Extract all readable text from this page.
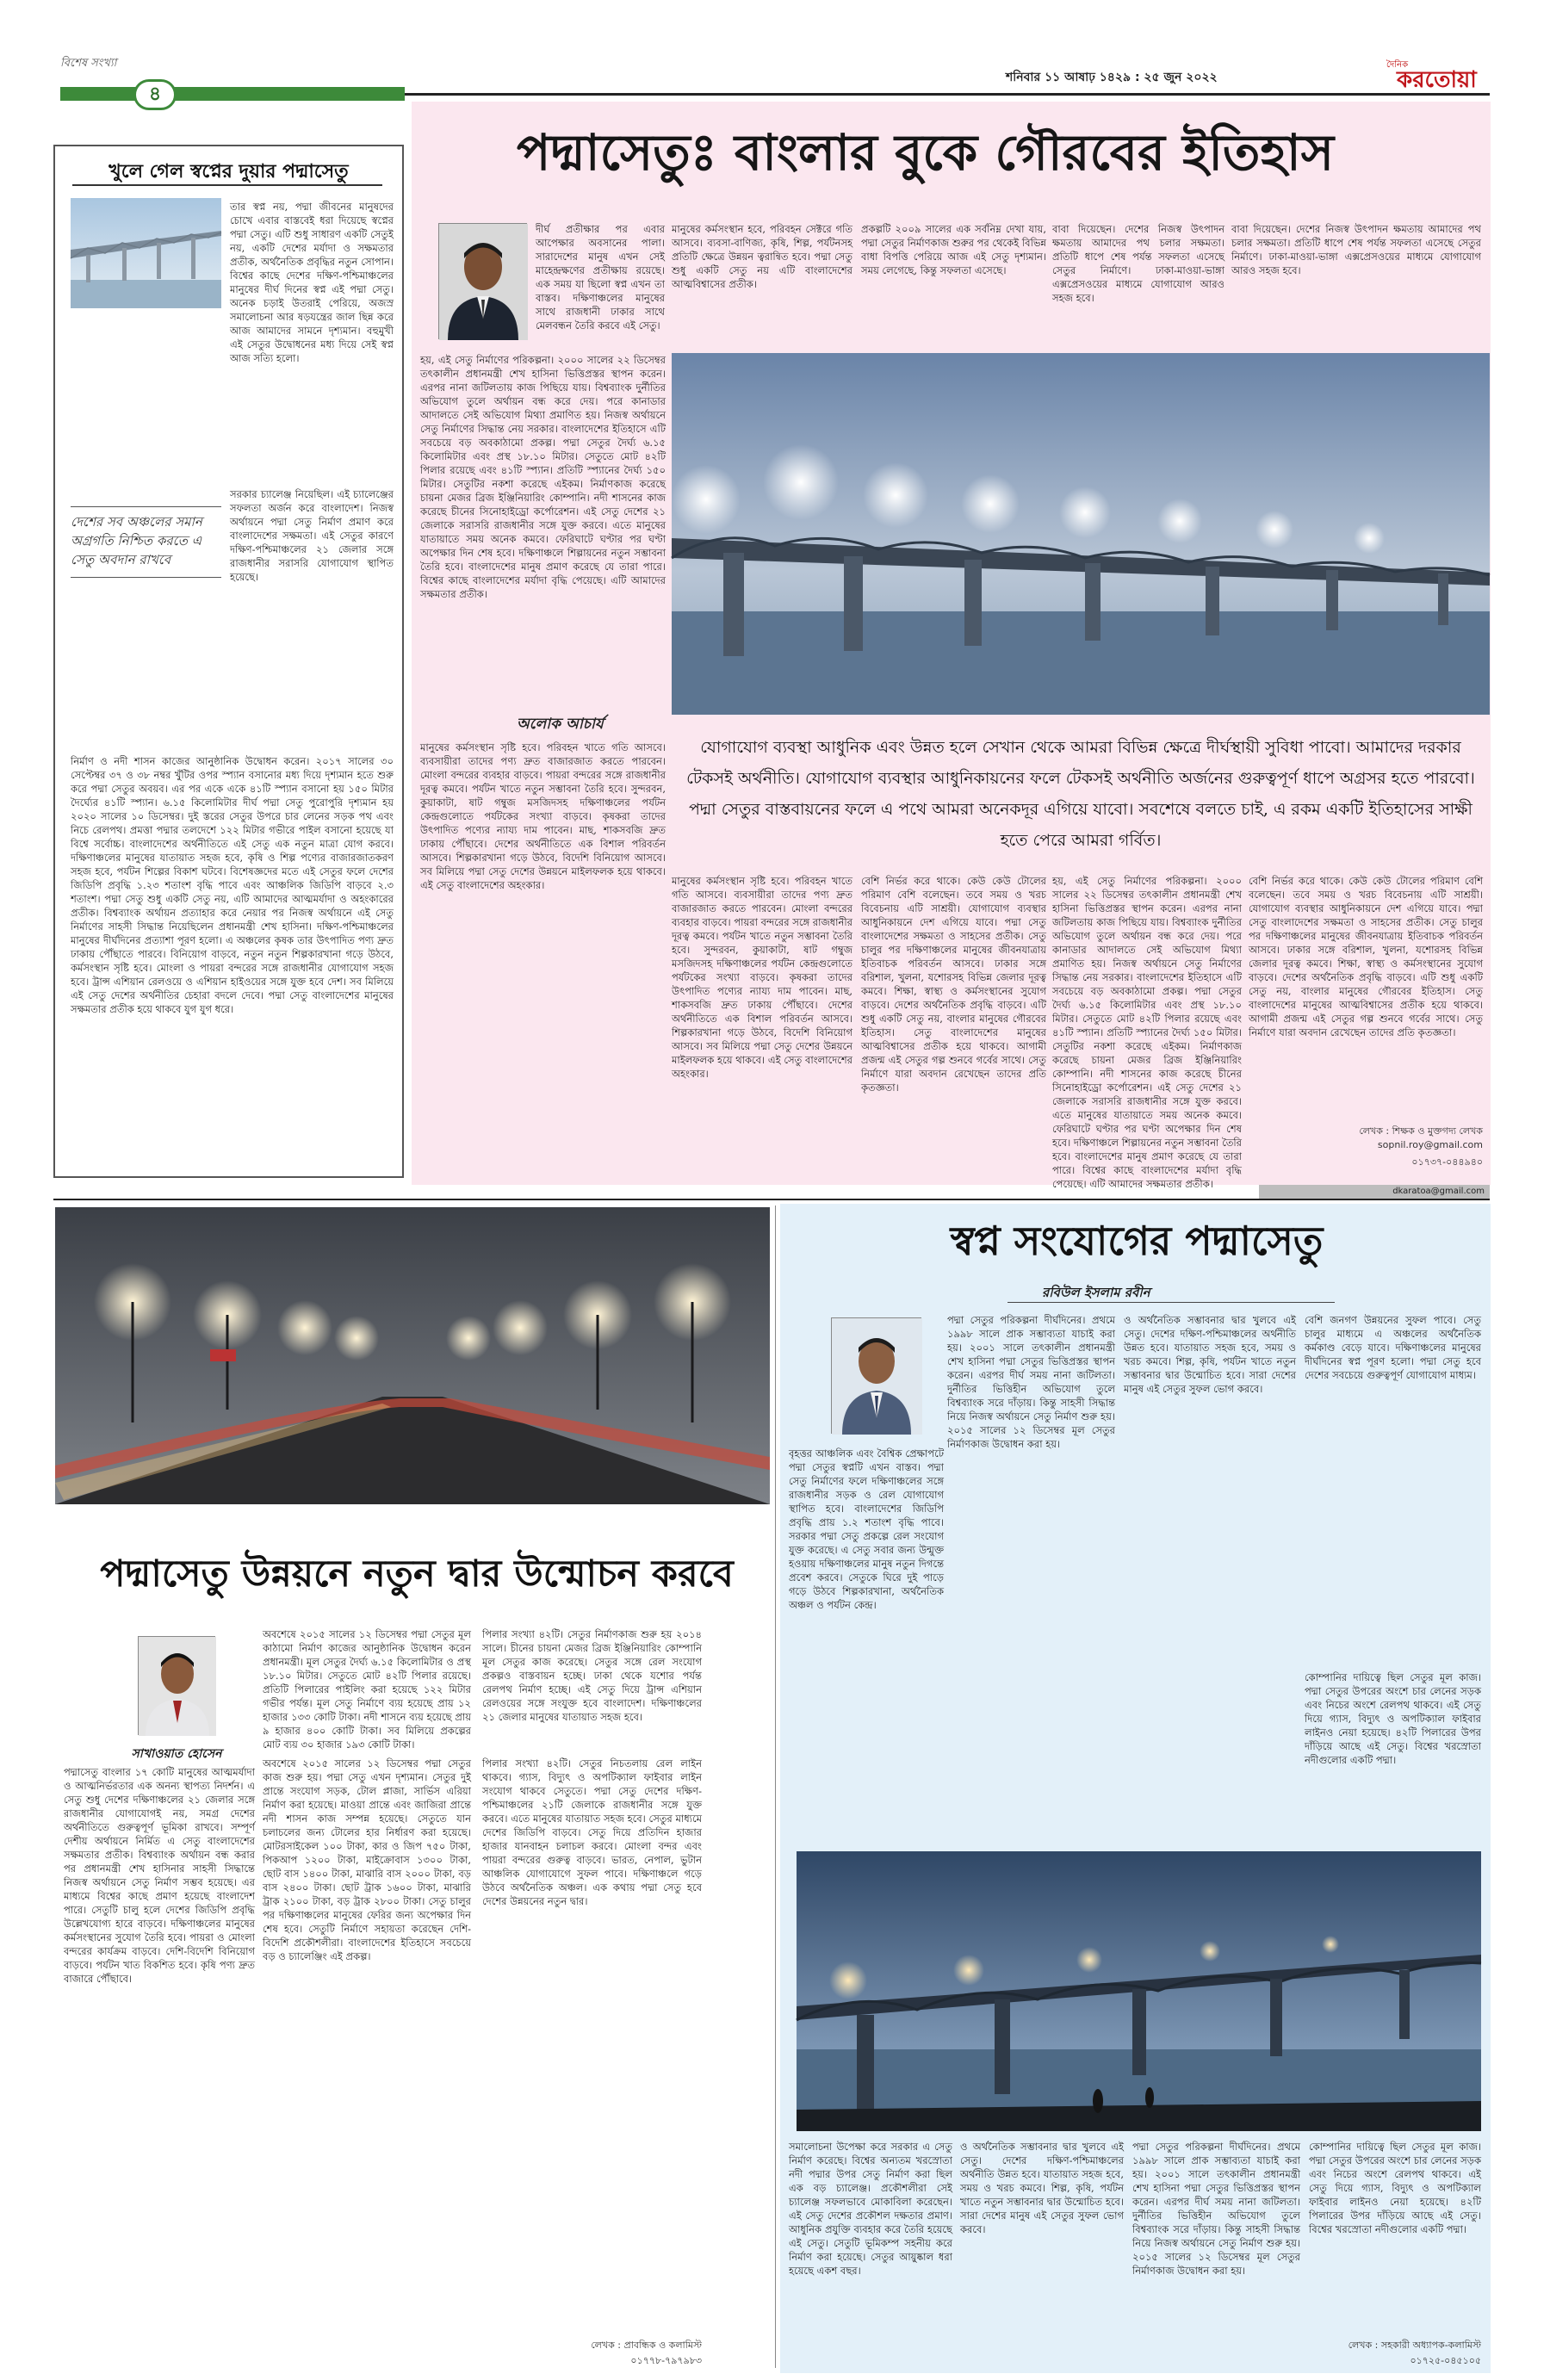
বিশেষ সংখ্যা
শনিবার ১১ আষাঢ় ১৪২৯ : ২৫ জুন ২০২২
দৈনিক
করতোয়া
৪
খুলে গেল স্বপ্নের দুয়ার পদ্মাসেতু
তার স্বপ্ন নয়, পদ্মা জীবনের মানুষদের চোখে এবার বাস্তবেই ধরা দিয়েছে স্বপ্নের পদ্মা সেতু। এটি শুধু সাধারণ একটি সেতুই নয়, একটি দেশের মর্যাদা ও সক্ষমতার প্রতীক, অর্থনৈতিক প্রবৃদ্ধির নতুন সোপান। বিশ্বের কাছে দেশের দক্ষিণ-পশ্চিমাঞ্চলের মানুষের দীর্ঘ দিনের স্বপ্ন এই পদ্মা সেতু। অনেক চড়াই উতরাই পেরিয়ে, অজস্র সমালোচনা আর ষড়যন্ত্রের জাল ছিন্ন করে আজ আমাদের সামনে দৃশ্যমান। বহুমুখী এই সেতুর উদ্বোধনের মধ্য দিয়ে সেই স্বপ্ন আজ সত্যি হলো।
সরকার চ্যালেঞ্জ নিয়েছিল। এই চ্যালেঞ্জের সফলতা অর্জন করে বাংলাদেশ। নিজস্ব অর্থায়নে পদ্মা সেতু নির্মাণ প্রমাণ করে বাংলাদেশের সক্ষমতা। এই সেতুর কারণে দক্ষিণ-পশ্চিমাঞ্চলের ২১ জেলার সঙ্গে রাজধানীর সরাসরি যোগাযোগ স্থাপিত হয়েছে।
দেশের সব অঞ্চলের সমান অগ্রগতি নিশ্চিত করতে এ সেতু অবদান রাখবে
নির্মাণ ও নদী শাসন কাজের আনুষ্ঠানিক উদ্বোধন করেন। ২০১৭ সালের ৩০ সেপ্টেম্বর ৩৭ ও ৩৮ নম্বর খুঁটির ওপর স্প্যান বসানোর মধ্য দিয়ে দৃশ্যমান হতে শুরু করে পদ্মা সেতুর অবয়ব। এর পর একে একে ৪১টি স্প্যান বসানো হয় ১৫০ মিটার দৈর্ঘ্যের ৪১টি স্প্যান। ৬.১৫ কিলোমিটার দীর্ঘ পদ্মা সেতু পুরোপুরি দৃশ্যমান হয় ২০২০ সালের ১০ ডিসেম্বর। দুই স্তরের সেতুর উপরে চার লেনের সড়ক পথ এবং নিচে রেলপথ। প্রমত্তা পদ্মার তলদেশে ১২২ মিটার গভীরে পাইল বসানো হয়েছে যা বিশ্বে সর্বোচ্চ। বাংলাদেশের অর্থনীতিতে এই সেতু এক নতুন মাত্রা যোগ করবে। দক্ষিণাঞ্চলের মানুষের যাতায়াত সহজ হবে, কৃষি ও শিল্প পণ্যের বাজারজাতকরণ সহজ হবে, পর্যটন শিল্পের বিকাশ ঘটবে। বিশেষজ্ঞদের মতে এই সেতুর ফলে দেশের জিডিপি প্রবৃদ্ধি ১.২৩ শতাংশ বৃদ্ধি পাবে এবং আঞ্চলিক জিডিপি বাড়বে ২.৩ শতাংশ। পদ্মা সেতু শুধু একটি সেতু নয়, এটি আমাদের আত্মমর্যাদা ও অহংকারের প্রতীক। বিশ্বব্যাংক অর্থায়ন প্রত্যাহার করে নেয়ার পর নিজস্ব অর্থায়নে এই সেতু নির্মাণের সাহসী সিদ্ধান্ত নিয়েছিলেন প্রধানমন্ত্রী শেখ হাসিনা। দক্ষিণ-পশ্চিমাঞ্চলের মানুষের দীর্ঘদিনের প্রত্যাশা পূরণ হলো। এ অঞ্চলের কৃষক তার উৎপাদিত পণ্য দ্রুত ঢাকায় পৌঁছাতে পারবে। বিনিয়োগ বাড়বে, নতুন নতুন শিল্পকারখানা গড়ে উঠবে, কর্মসংস্থান সৃষ্টি হবে। মোংলা ও পায়রা বন্দরের সঙ্গে রাজধানীর যোগাযোগ সহজ হবে। ট্রান্স এশিয়ান রেলওয়ে ও এশিয়ান হাইওয়ের সঙ্গে যুক্ত হবে দেশ। সব মিলিয়ে এই সেতু দেশের অর্থনীতির চেহারা বদলে দেবে। পদ্মা সেতু বাংলাদেশের মানুষের সক্ষমতার প্রতীক হয়ে থাকবে যুগ যুগ ধরে।
পদ্মাসেতুঃ বাংলার বুকে গৌরবের ইতিহাস
দীর্ঘ প্রতীক্ষার পর এবার আপেক্ষার অবসানের পালা। সারাদেশের মানুষ এখন সেই মাহেন্দ্রক্ষণের প্রতীক্ষায় রয়েছে। এক সময় যা ছিলো স্বপ্ন এখন তা বাস্তব। দক্ষিণাঞ্চলের মানুষের সাথে রাজধানী ঢাকার সাথে মেলবন্ধন তৈরি করবে এই সেতু।
মানুষের কর্মসংস্থান হবে, পরিবহন সেক্টরে গতি আসবে। ব্যবসা-বাণিজ্য, কৃষি, শিল্প, পর্যটনসহ প্রতিটি ক্ষেত্রে উন্নয়ন ত্বরান্বিত হবে। পদ্মা সেতু শুধু একটি সেতু নয় এটি বাংলাদেশের আত্মবিশ্বাসের প্রতীক।
প্রকল্পটি ২০০৯ সালের এক সর্বনিম্ন দেখা যায়, পদ্মা সেতুর নির্মাণকাজ শুরুর পর থেকেই বিভিন্ন বাধা বিপত্তি পেরিয়ে আজ এই সেতু দৃশ্যমান। সময় লেগেছে, কিন্তু সফলতা এসেছে।
বাবা দিয়েছেন। দেশের নিজস্ব উৎপাদন ক্ষমতায় আমাদের পথ চলার সক্ষমতা। প্রতিটি ধাপে শেষ পর্যন্ত সফলতা এসেছে সেতুর নির্মাণে। ঢাকা-মাওয়া-ভাঙ্গা এক্সপ্রেসওয়ের মাধ্যমে যোগাযোগ আরও সহজ হবে।
বাবা দিয়েছেন। দেশের নিজস্ব উৎপাদন ক্ষমতায় আমাদের পথ চলার সক্ষমতা। প্রতিটি ধাপে শেষ পর্যন্ত সফলতা এসেছে সেতুর নির্মাণে। ঢাকা-মাওয়া-ভাঙ্গা এক্সপ্রেসওয়ের মাধ্যমে যোগাযোগ আরও সহজ হবে।
অলোক আচার্য
হয়, এই সেতু নির্মাণের পরিকল্পনা। ২০০০ সালের ২২ ডিসেম্বর তৎকালীন প্রধানমন্ত্রী শেখ হাসিনা ভিত্তিপ্রস্তর স্থাপন করেন। এরপর নানা জটিলতায় কাজ পিছিয়ে যায়। বিশ্বব্যাংক দুর্নীতির অভিযোগ তুলে অর্থায়ন বন্ধ করে দেয়। পরে কানাডার আদালতে সেই অভিযোগ মিথ্যা প্রমাণিত হয়। নিজস্ব অর্থায়নে সেতু নির্মাণের সিদ্ধান্ত নেয় সরকার। বাংলাদেশের ইতিহাসে এটি সবচেয়ে বড় অবকাঠামো প্রকল্প। পদ্মা সেতুর দৈর্ঘ্য ৬.১৫ কিলোমিটার এবং প্রস্থ ১৮.১০ মিটার। সেতুতে মোট ৪২টি পিলার রয়েছে এবং ৪১টি স্প্যান। প্রতিটি স্প্যানের দৈর্ঘ্য ১৫০ মিটার। সেতুটির নকশা করেছে এইকম। নির্মাণকাজ করেছে চায়না মেজর ব্রিজ ইঞ্জিনিয়ারিং কোম্পানি। নদী শাসনের কাজ করেছে চীনের সিনোহাইড্রো কর্পোরেশন। এই সেতু দেশের ২১ জেলাকে সরাসরি রাজধানীর সঙ্গে যুক্ত করবে। এতে মানুষের যাতায়াতে সময় অনেক কমবে। ফেরিঘাটে ঘণ্টার পর ঘণ্টা অপেক্ষার দিন শেষ হবে। দক্ষিণাঞ্চলে শিল্পায়নের নতুন সম্ভাবনা তৈরি হবে। বাংলাদেশের মানুষ প্রমাণ করেছে যে তারা পারে। বিশ্বের কাছে বাংলাদেশের মর্যাদা বৃদ্ধি পেয়েছে। এটি আমাদের সক্ষমতার প্রতীক।
মানুষের কর্মসংস্থান সৃষ্টি হবে। পরিবহন খাতে গতি আসবে। ব্যবসায়ীরা তাদের পণ্য দ্রুত বাজারজাত করতে পারবেন। মোংলা বন্দরের ব্যবহার বাড়বে। পায়রা বন্দরের সঙ্গে রাজধানীর দূরত্ব কমবে। পর্যটন খাতে নতুন সম্ভাবনা তৈরি হবে। সুন্দরবন, কুয়াকাটা, ষাট গম্বুজ মসজিদসহ দক্ষিণাঞ্চলের পর্যটন কেন্দ্রগুলোতে পর্যটকের সংখ্যা বাড়বে। কৃষকরা তাদের উৎপাদিত পণ্যের ন্যায্য দাম পাবেন। মাছ, শাকসবজি দ্রুত ঢাকায় পৌঁছাবে। দেশের অর্থনীতিতে এক বিশাল পরিবর্তন আসবে। শিল্পকারখানা গড়ে উঠবে, বিদেশি বিনিয়োগ আসবে। সব মিলিয়ে পদ্মা সেতু দেশের উন্নয়নে মাইলফলক হয়ে থাকবে। এই সেতু বাংলাদেশের অহংকার।
যোগাযোগ ব্যবস্থা আধুনিক এবং উন্নত হলে সেখান থেকে আমরা বিভিন্ন ক্ষেত্রে দীর্ঘস্থায়ী সুবিধা পাবো। আমাদের দরকার টেকসই অর্থনীতি। যোগাযোগ ব্যবস্থার আধুনিকায়নের ফলে টেকসই অর্থনীতি অর্জনের গুরুত্বপূর্ণ ধাপে অগ্রসর হতে পারবো। পদ্মা সেতুর বাস্তবায়নের ফলে এ পথে আমরা অনেকদূর এগিয়ে যাবো। সবশেষে বলতে চাই, এ রকম একটি ইতিহাসের সাক্ষী হতে পেরে আমরা গর্বিত।
মানুষের কর্মসংস্থান সৃষ্টি হবে। পরিবহন খাতে গতি আসবে। ব্যবসায়ীরা তাদের পণ্য দ্রুত বাজারজাত করতে পারবেন। মোংলা বন্দরের ব্যবহার বাড়বে। পায়রা বন্দরের সঙ্গে রাজধানীর দূরত্ব কমবে। পর্যটন খাতে নতুন সম্ভাবনা তৈরি হবে। সুন্দরবন, কুয়াকাটা, ষাট গম্বুজ মসজিদসহ দক্ষিণাঞ্চলের পর্যটন কেন্দ্রগুলোতে পর্যটকের সংখ্যা বাড়বে। কৃষকরা তাদের উৎপাদিত পণ্যের ন্যায্য দাম পাবেন। মাছ, শাকসবজি দ্রুত ঢাকায় পৌঁছাবে। দেশের অর্থনীতিতে এক বিশাল পরিবর্তন আসবে। শিল্পকারখানা গড়ে উঠবে, বিদেশি বিনিয়োগ আসবে। সব মিলিয়ে পদ্মা সেতু দেশের উন্নয়নে মাইলফলক হয়ে থাকবে। এই সেতু বাংলাদেশের অহংকার।
বেশি নির্ভর করে থাকে। কেউ কেউ টোলের পরিমাণ বেশি বলেছেন। তবে সময় ও খরচ বিবেচনায় এটি সাশ্রয়ী। যোগাযোগ ব্যবস্থার আধুনিকায়নে দেশ এগিয়ে যাবে। পদ্মা সেতু বাংলাদেশের সক্ষমতা ও সাহসের প্রতীক। সেতু চালুর পর দক্ষিণাঞ্চলের মানুষের জীবনযাত্রায় ইতিবাচক পরিবর্তন আসবে। ঢাকার সঙ্গে বরিশাল, খুলনা, যশোরসহ বিভিন্ন জেলার দূরত্ব কমবে। শিক্ষা, স্বাস্থ্য ও কর্মসংস্থানের সুযোগ বাড়বে। দেশের অর্থনৈতিক প্রবৃদ্ধি বাড়বে। এটি শুধু একটি সেতু নয়, বাংলার মানুষের গৌরবের ইতিহাস। সেতু বাংলাদেশের মানুষের আত্মবিশ্বাসের প্রতীক হয়ে থাকবে। আগামী প্রজন্ম এই সেতুর গল্প শুনবে গর্বের সাথে। সেতু নির্মাণে যারা অবদান রেখেছেন তাদের প্রতি কৃতজ্ঞতা।
হয়, এই সেতু নির্মাণের পরিকল্পনা। ২০০০ সালের ২২ ডিসেম্বর তৎকালীন প্রধানমন্ত্রী শেখ হাসিনা ভিত্তিপ্রস্তর স্থাপন করেন। এরপর নানা জটিলতায় কাজ পিছিয়ে যায়। বিশ্বব্যাংক দুর্নীতির অভিযোগ তুলে অর্থায়ন বন্ধ করে দেয়। পরে কানাডার আদালতে সেই অভিযোগ মিথ্যা প্রমাণিত হয়। নিজস্ব অর্থায়নে সেতু নির্মাণের সিদ্ধান্ত নেয় সরকার। বাংলাদেশের ইতিহাসে এটি সবচেয়ে বড় অবকাঠামো প্রকল্প। পদ্মা সেতুর দৈর্ঘ্য ৬.১৫ কিলোমিটার এবং প্রস্থ ১৮.১০ মিটার। সেতুতে মোট ৪২টি পিলার রয়েছে এবং ৪১টি স্প্যান। প্রতিটি স্প্যানের দৈর্ঘ্য ১৫০ মিটার। সেতুটির নকশা করেছে এইকম। নির্মাণকাজ করেছে চায়না মেজর ব্রিজ ইঞ্জিনিয়ারিং কোম্পানি। নদী শাসনের কাজ করেছে চীনের সিনোহাইড্রো কর্পোরেশন। এই সেতু দেশের ২১ জেলাকে সরাসরি রাজধানীর সঙ্গে যুক্ত করবে। এতে মানুষের যাতায়াতে সময় অনেক কমবে। ফেরিঘাটে ঘণ্টার পর ঘণ্টা অপেক্ষার দিন শেষ হবে। দক্ষিণাঞ্চলে শিল্পায়নের নতুন সম্ভাবনা তৈরি হবে। বাংলাদেশের মানুষ প্রমাণ করেছে যে তারা পারে। বিশ্বের কাছে বাংলাদেশের মর্যাদা বৃদ্ধি পেয়েছে। এটি আমাদের সক্ষমতার প্রতীক।
বেশি নির্ভর করে থাকে। কেউ কেউ টোলের পরিমাণ বেশি বলেছেন। তবে সময় ও খরচ বিবেচনায় এটি সাশ্রয়ী। যোগাযোগ ব্যবস্থার আধুনিকায়নে দেশ এগিয়ে যাবে। পদ্মা সেতু বাংলাদেশের সক্ষমতা ও সাহসের প্রতীক। সেতু চালুর পর দক্ষিণাঞ্চলের মানুষের জীবনযাত্রায় ইতিবাচক পরিবর্তন আসবে। ঢাকার সঙ্গে বরিশাল, খুলনা, যশোরসহ বিভিন্ন জেলার দূরত্ব কমবে। শিক্ষা, স্বাস্থ্য ও কর্মসংস্থানের সুযোগ বাড়বে। দেশের অর্থনৈতিক প্রবৃদ্ধি বাড়বে। এটি শুধু একটি সেতু নয়, বাংলার মানুষের গৌরবের ইতিহাস। সেতু বাংলাদেশের মানুষের আত্মবিশ্বাসের প্রতীক হয়ে থাকবে। আগামী প্রজন্ম এই সেতুর গল্প শুনবে গর্বের সাথে। সেতু নির্মাণে যারা অবদান রেখেছেন তাদের প্রতি কৃতজ্ঞতা।
লেখক : শিক্ষক ও মুক্তগদ্য লেখক
sopnil.roy@gmail.com
০১৭৩৭-০৪৪৯৪০
dkaratoa@gmail.com
পদ্মাসেতু উন্নয়নে নতুন দ্বার উন্মোচন করবে
সাখাওয়াত হোসেন
অবশেষে ২০১৫ সালের ১২ ডিসেম্বর পদ্মা সেতুর মূল কাঠামো নির্মাণ কাজের আনুষ্ঠানিক উদ্বোধন করেন প্রধানমন্ত্রী। মূল সেতুর দৈর্ঘ্য ৬.১৫ কিলোমিটার ও প্রস্থ ১৮.১০ মিটার। সেতুতে মোট ৪২টি পিলার রয়েছে। প্রতিটি পিলারের পাইলিং করা হয়েছে ১২২ মিটার গভীর পর্যন্ত। মূল সেতু নির্মাণে ব্যয় হয়েছে প্রায় ১২ হাজার ১৩৩ কোটি টাকা। নদী শাসনে ব্যয় হয়েছে প্রায় ৯ হাজার ৪০০ কোটি টাকা। সব মিলিয়ে প্রকল্পের মোট ব্যয় ৩০ হাজার ১৯৩ কোটি টাকা।
পিলার সংখ্যা ৪২টি। সেতুর নির্মাণকাজ শুরু হয় ২০১৪ সালে। চীনের চায়না মেজর ব্রিজ ইঞ্জিনিয়ারিং কোম্পানি মূল সেতুর কাজ করেছে। সেতুর সঙ্গে রেল সংযোগ প্রকল্পও বাস্তবায়ন হচ্ছে। ঢাকা থেকে যশোর পর্যন্ত রেলপথ নির্মাণ হচ্ছে। এই সেতু দিয়ে ট্রান্স এশিয়ান রেলওয়ের সঙ্গে সংযুক্ত হবে বাংলাদেশ। দক্ষিণাঞ্চলের ২১ জেলার মানুষের যাতায়াত সহজ হবে।
পদ্মাসেতু বাংলার ১৭ কোটি মানুষের আত্মমর্যাদা ও আত্মনির্ভরতার এক অনন্য স্থাপত্য নিদর্শন। এ সেতু শুধু দেশের দক্ষিণাঞ্চলের ২১ জেলার সঙ্গে রাজধানীর যোগাযোগই নয়, সমগ্র দেশের অর্থনীতিতে গুরুত্বপূর্ণ ভূমিকা রাখবে। সম্পূর্ণ দেশীয় অর্থায়নে নির্মিত এ সেতু বাংলাদেশের সক্ষমতার প্রতীক। বিশ্বব্যাংক অর্থায়ন বন্ধ করার পর প্রধানমন্ত্রী শেখ হাসিনার সাহসী সিদ্ধান্তে নিজস্ব অর্থায়নে সেতু নির্মাণ সম্ভব হয়েছে। এর মাধ্যমে বিশ্বের কাছে প্রমাণ হয়েছে বাংলাদেশ পারে। সেতুটি চালু হলে দেশের জিডিপি প্রবৃদ্ধি উল্লেখযোগ্য হারে বাড়বে। দক্ষিণাঞ্চলের মানুষের কর্মসংস্থানের সুযোগ তৈরি হবে। পায়রা ও মোংলা বন্দরের কার্যক্রম বাড়বে। দেশি-বিদেশি বিনিয়োগ বাড়বে। পর্যটন খাত বিকশিত হবে। কৃষি পণ্য দ্রুত বাজারে পৌঁছাবে।
অবশেষে ২০১৫ সালের ১২ ডিসেম্বর পদ্মা সেতুর কাজ শুরু হয়। পদ্মা সেতু এখন দৃশ্যমান। সেতুর দুই প্রান্তে সংযোগ সড়ক, টোল প্লাজা, সার্ভিস এরিয়া নির্মাণ করা হয়েছে। মাওয়া প্রান্তে এবং জাজিরা প্রান্তে নদী শাসন কাজ সম্পন্ন হয়েছে। সেতুতে যান চলাচলের জন্য টোলের হার নির্ধারণ করা হয়েছে। মোটরসাইকেল ১০০ টাকা, কার ও জিপ ৭৫০ টাকা, পিকআপ ১২০০ টাকা, মাইক্রোবাস ১৩০০ টাকা, ছোট বাস ১৪০০ টাকা, মাঝারি বাস ২০০০ টাকা, বড় বাস ২৪০০ টাকা। ছোট ট্রাক ১৬০০ টাকা, মাঝারি ট্রাক ২১০০ টাকা, বড় ট্রাক ২৮০০ টাকা। সেতু চালুর পর দক্ষিণাঞ্চলের মানুষের ফেরির জন্য অপেক্ষার দিন শেষ হবে। সেতুটি নির্মাণে সহায়তা করেছেন দেশি-বিদেশি প্রকৌশলীরা। বাংলাদেশের ইতিহাসে সবচেয়ে বড় ও চ্যালেঞ্জিং এই প্রকল্প।
পিলার সংখ্যা ৪২টি। সেতুর নিচতলায় রেল লাইন থাকবে। গ্যাস, বিদ্যুৎ ও অপটিক্যাল ফাইবার লাইন সংযোগ থাকবে সেতুতে। পদ্মা সেতু দেশের দক্ষিণ-পশ্চিমাঞ্চলের ২১টি জেলাকে রাজধানীর সঙ্গে যুক্ত করবে। এতে মানুষের যাতায়াত সহজ হবে। সেতুর মাধ্যমে দেশের জিডিপি বাড়বে। সেতু দিয়ে প্রতিদিন হাজার হাজার যানবাহন চলাচল করবে। মোংলা বন্দর এবং পায়রা বন্দরের গুরুত্ব বাড়বে। ভারত, নেপাল, ভুটান আঞ্চলিক যোগাযোগে সুফল পাবে। দক্ষিণাঞ্চলে গড়ে উঠবে অর্থনৈতিক অঞ্চল। এক কথায় পদ্মা সেতু হবে দেশের উন্নয়নের নতুন দ্বার।
লেখক : প্রাবন্ধিক ও কলামিস্ট
০১৭৭৮-৭৯৭৯৮৩
স্বপ্ন সংযোগের পদ্মাসেতু
রবিউল ইসলাম রবীন
পদ্মা সেতুর পরিকল্পনা দীর্ঘদিনের। প্রথমে ১৯৯৮ সালে প্রাক সম্ভাব্যতা যাচাই করা হয়। ২০০১ সালে তৎকালীন প্রধানমন্ত্রী শেখ হাসিনা পদ্মা সেতুর ভিত্তিপ্রস্তর স্থাপন করেন। এরপর দীর্ঘ সময় নানা জটিলতা। দুর্নীতির ভিত্তিহীন অভিযোগ তুলে বিশ্বব্যাংক সরে দাঁড়ায়। কিন্তু সাহসী সিদ্ধান্ত নিয়ে নিজস্ব অর্থায়নে সেতু নির্মাণ শুরু হয়। ২০১৫ সালের ১২ ডিসেম্বর মূল সেতুর নির্মাণকাজ উদ্বোধন করা হয়।
ও অর্থনৈতিক সম্ভাবনার দ্বার খুলবে এই সেতু। দেশের দক্ষিণ-পশ্চিমাঞ্চলের অর্থনীতি উন্নত হবে। যাতায়াত সহজ হবে, সময় ও খরচ কমবে। শিল্প, কৃষি, পর্যটন খাতে নতুন সম্ভাবনার দ্বার উন্মোচিত হবে। সারা দেশের মানুষ এই সেতুর সুফল ভোগ করবে।
বেশি জনগণ উন্নয়নের সুফল পাবে। সেতু চালুর মাধ্যমে এ অঞ্চলের অর্থনৈতিক কর্মকাণ্ড বেড়ে যাবে। দক্ষিণাঞ্চলের মানুষের দীর্ঘদিনের স্বপ্ন পূরণ হলো। পদ্মা সেতু হবে দেশের সবচেয়ে গুরুত্বপূর্ণ যোগাযোগ মাধ্যম।
বৃহত্তর আঞ্চলিক এবং বৈশ্বিক প্রেক্ষাপটে পদ্মা সেতুর স্বপ্নটি এখন বাস্তব। পদ্মা সেতু নির্মাণের ফলে দক্ষিণাঞ্চলের সঙ্গে রাজধানীর সড়ক ও রেল যোগাযোগ স্থাপিত হবে। বাংলাদেশের জিডিপি প্রবৃদ্ধি প্রায় ১.২ শতাংশ বৃদ্ধি পাবে। সরকার পদ্মা সেতু প্রকল্পে রেল সংযোগ যুক্ত করেছে। এ সেতু সবার জন্য উন্মুক্ত হওয়ায় দক্ষিণাঞ্চলের মানুষ নতুন দিগন্তে প্রবেশ করবে। সেতুকে ঘিরে দুই পাড়ে গড়ে উঠবে শিল্পকারখানা, অর্থনৈতিক অঞ্চল ও পর্যটন কেন্দ্র।
কোম্পানির দায়িত্বে ছিল সেতুর মূল কাজ। পদ্মা সেতুর উপরের অংশে চার লেনের সড়ক এবং নিচের অংশে রেলপথ থাকবে। এই সেতু দিয়ে গ্যাস, বিদ্যুৎ ও অপটিক্যাল ফাইবার লাইনও নেয়া হয়েছে। ৪২টি পিলারের উপর দাঁড়িয়ে আছে এই সেতু। বিশ্বের খরস্রোতা নদীগুলোর একটি পদ্মা।
সমালোচনা উপেক্ষা করে সরকার এ সেতু নির্মাণ করেছে। বিশ্বের অন্যতম খরস্রোতা নদী পদ্মার উপর সেতু নির্মাণ করা ছিল এক বড় চ্যালেঞ্জ। প্রকৌশলীরা সেই চ্যালেঞ্জ সফলভাবে মোকাবিলা করেছেন। এই সেতু দেশের প্রকৌশল দক্ষতার প্রমাণ। আধুনিক প্রযুক্তি ব্যবহার করে তৈরি হয়েছে এই সেতু। সেতুটি ভূমিকম্প সহনীয় করে নির্মাণ করা হয়েছে। সেতুর আয়ুষ্কাল ধরা হয়েছে একশ বছর।
ও অর্থনৈতিক সম্ভাবনার দ্বার খুলবে এই সেতু। দেশের দক্ষিণ-পশ্চিমাঞ্চলের অর্থনীতি উন্নত হবে। যাতায়াত সহজ হবে, সময় ও খরচ কমবে। শিল্প, কৃষি, পর্যটন খাতে নতুন সম্ভাবনার দ্বার উন্মোচিত হবে। সারা দেশের মানুষ এই সেতুর সুফল ভোগ করবে।
পদ্মা সেতুর পরিকল্পনা দীর্ঘদিনের। প্রথমে ১৯৯৮ সালে প্রাক সম্ভাব্যতা যাচাই করা হয়। ২০০১ সালে তৎকালীন প্রধানমন্ত্রী শেখ হাসিনা পদ্মা সেতুর ভিত্তিপ্রস্তর স্থাপন করেন। এরপর দীর্ঘ সময় নানা জটিলতা। দুর্নীতির ভিত্তিহীন অভিযোগ তুলে বিশ্বব্যাংক সরে দাঁড়ায়। কিন্তু সাহসী সিদ্ধান্ত নিয়ে নিজস্ব অর্থায়নে সেতু নির্মাণ শুরু হয়। ২০১৫ সালের ১২ ডিসেম্বর মূল সেতুর নির্মাণকাজ উদ্বোধন করা হয়।
কোম্পানির দায়িত্বে ছিল সেতুর মূল কাজ। পদ্মা সেতুর উপরের অংশে চার লেনের সড়ক এবং নিচের অংশে রেলপথ থাকবে। এই সেতু দিয়ে গ্যাস, বিদ্যুৎ ও অপটিক্যাল ফাইবার লাইনও নেয়া হয়েছে। ৪২টি পিলারের উপর দাঁড়িয়ে আছে এই সেতু। বিশ্বের খরস্রোতা নদীগুলোর একটি পদ্মা।
লেখক : সহকারী অধ্যাপক-কলামিস্ট
০১৭২৫-০৪৫১০৫
